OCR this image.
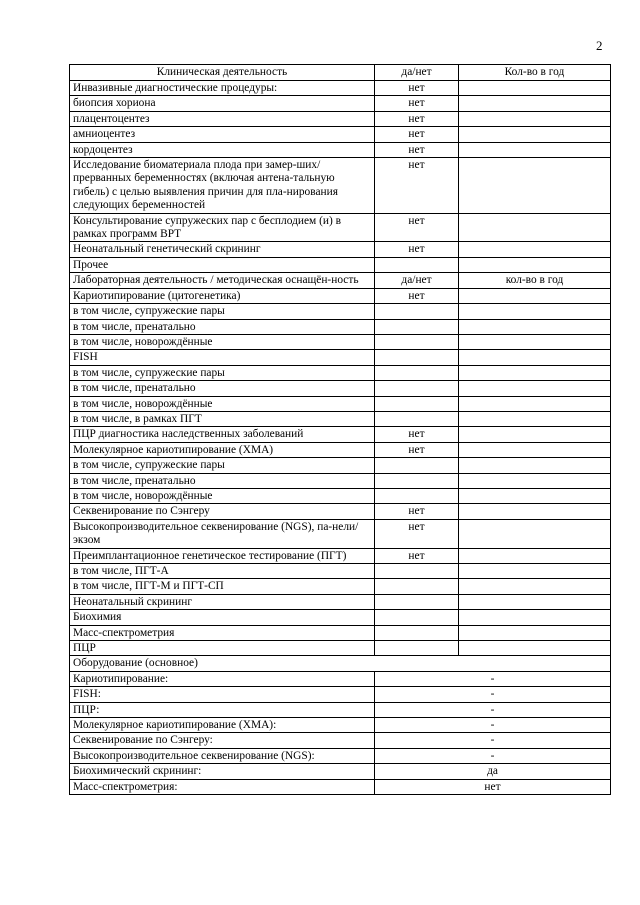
2
Клиническая деятельность	да/нет	Кол-во в год
Инвазивные диагностические процедуры:	нет	
биопсия хориона	нет	
плацентоцентез	нет	
амниоцентез	нет	
кордоцентез	нет	
Исследование биоматериала плода при замер-ших/прерванных беременностях (включая антена-тальную гибель) с целью выявления причин для пла-нирования следующих беременностей	нет	
Консультирование супружеских пар с бесплодием (и) в рамках программ ВРТ	нет	
Неонатальный генетический скрининг	нет	
Прочее		
Лабораторная деятельность / методическая оснащён-ность	да/нет	кол-во в год
Кариотипирование (цитогенетика)	нет	
в том числе, супружеские пары		
в том числе, пренатально		
в том числе, новорождённые		
FISH		
в том числе, супружеские пары		
в том числе, пренатально		
в том числе, новорождённые		
в том числе, в рамках ПГТ		
ПЦР диагностика наследственных заболеваний	нет	
Молекулярное кариотипирование (ХМА)	нет	
в том числе, супружеские пары		
в том числе, пренатально		
в том числе, новорождённые		
Секвенирование по Сэнгеру	нет	
Высокопроизводительное секвенирование (NGS), па-нели/экзом	нет	
Преимплантационное генетическое тестирование (ПГТ)	нет	
в том числе, ПГТ-А		
в том числе, ПГТ-М и ПГТ-СП		
Неонатальный скрининг		
Биохимия		
Масс-спектрометрия		
ПЦР		
Оборудование (основное)		
Кариотипирование:	-	
FISH:	-	
ПЦР:	-	
Молекулярное кариотипирование (ХМА):	-	
Секвенирование по Сэнгеру:	-	
Высокопроизводительное секвенирование (NGS):	-	
Биохимический скрининг:	да	
Масс-спектрометрия:	нет	
